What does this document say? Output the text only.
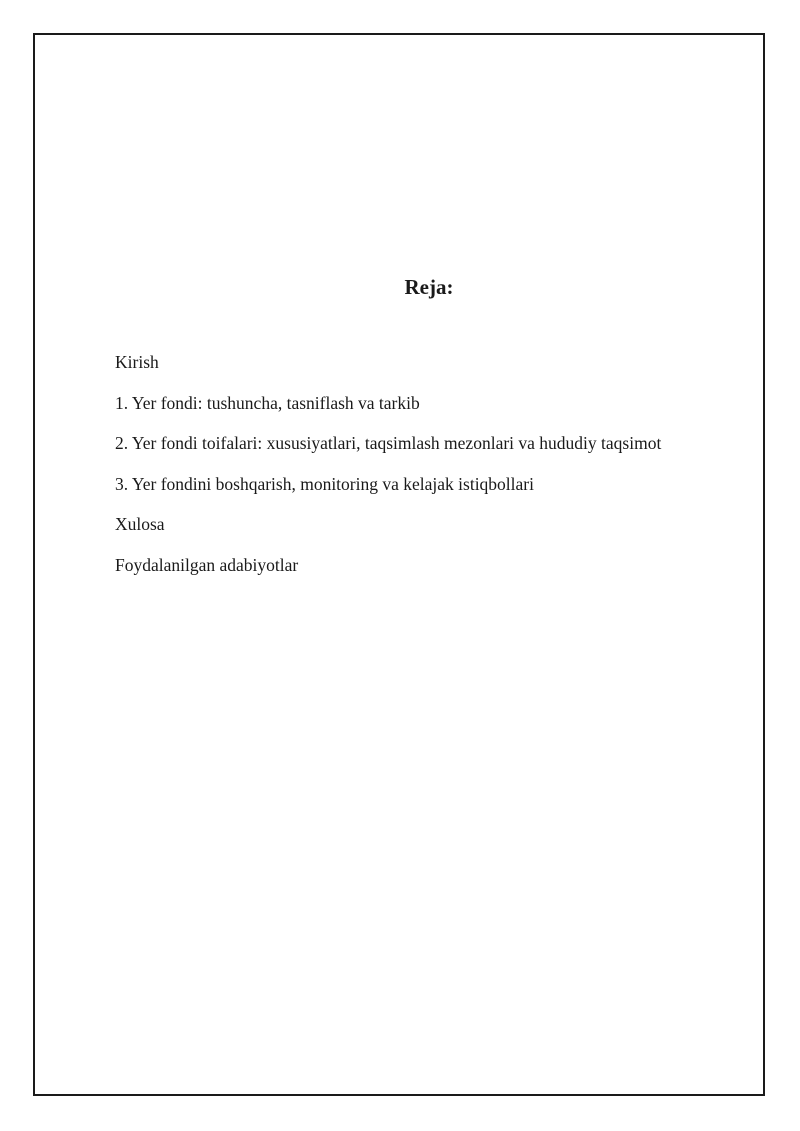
Reja:
Kirish
1. Yer fondi: tushuncha, tasniflash va tarkib
2. Yer fondi toifalari: xususiyatlari, taqsimlash mezonlari va hududiy taqsimot
3. Yer fondini boshqarish, monitoring va kelajak istiqbollari
Xulosa
Foydalanilgan adabiyotlar
